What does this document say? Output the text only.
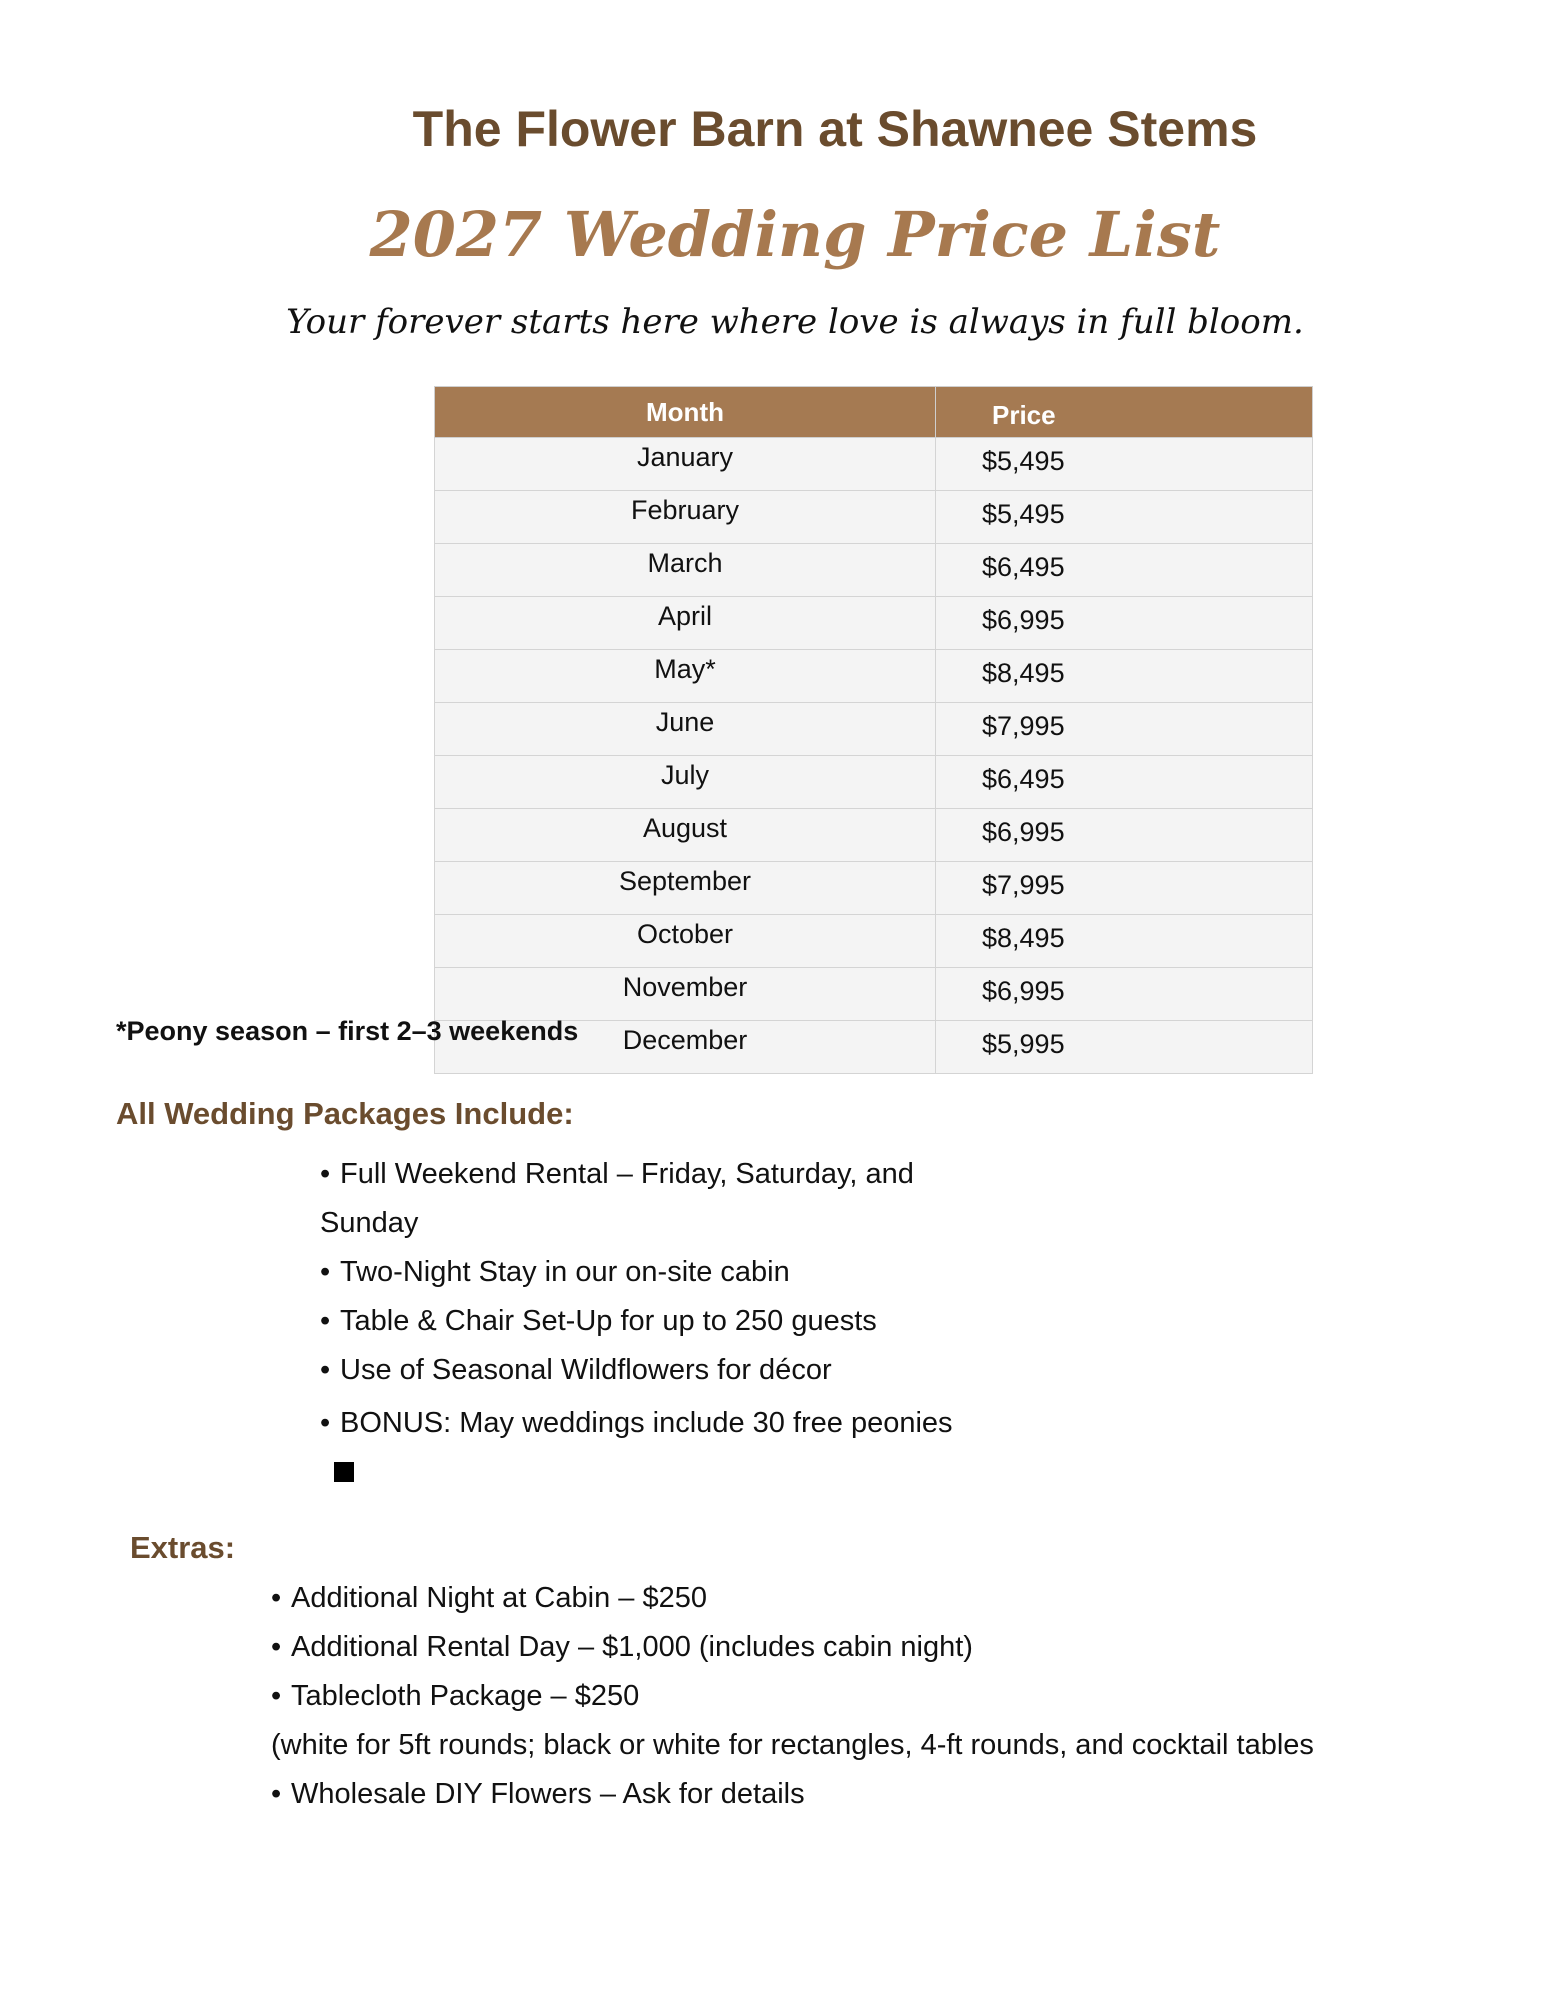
The Flower Barn at Shawnee Stems
2027 Wedding Price List

Your forever starts here where love is always in full bloom.

Month	Price
January	$5,495
February	$5,495
March	$6,495
April	$6,995
May*	$8,495
June	$7,995
July	$6,495
August	$6,995
September	$7,995
October	$8,495
November	$6,995
December	$5,995

*Peony season – first 2–3 weekends

All Wedding Packages Include:
• Full Weekend Rental – Friday, Saturday, and Sunday
• Two-Night Stay in our on-site cabin
• Table & Chair Set-Up for up to 250 guests
• Use of Seasonal Wildflowers for décor
• BONUS: May weddings include 30 free peonies
Extras:
• Additional Night at Cabin – $250
• Additional Rental Day – $1,000 (includes cabin night)
• Tablecloth Package – $250
(white for 5ft rounds; black or white for rectangles, 4-ft rounds, and cocktail tables
• Wholesale DIY Flowers – Ask for details
